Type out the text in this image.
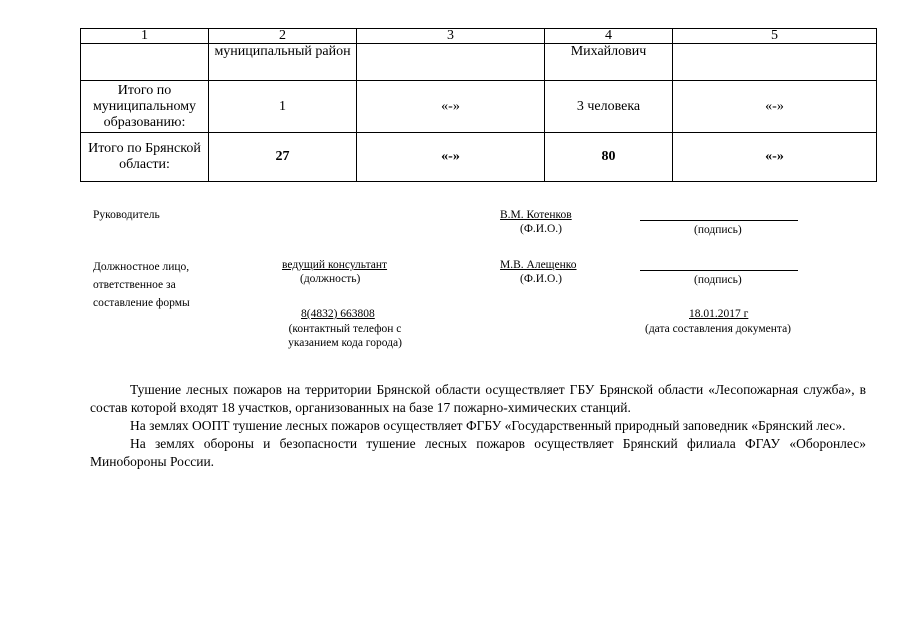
1	2	3	4	5
	муниципальный район		Михайлович	
Итого по муниципальному образованию:	1	«-»	3 человека	«-»
Итого по Брянской области:	27	«-»	80	«-»
Руководитель	В.М. Котенков
(Ф.И.О.)	(подпись)
Должностное лицо, ответственное за составление формы
ведущий консультант
(должность)
М.В. Алещенко
(Ф.И.О.)	(подпись)
8(4832) 663808
(контактный телефон с указанием кода города)
18.01.2017 г
(дата составления документа)

Тушение лесных пожаров на территории Брянской области осуществляет ГБУ Брянской области «Лесопожарная служба», в состав которой входят 18 участков, организованных на базе 17 пожарно-химических станций.

На землях ООПТ тушение лесных пожаров осуществляет ФГБУ «Государственный природный заповедник «Брянский лес».

На землях обороны и безопасности тушение лесных пожаров осуществляет Брянский филиала ФГАУ «Оборонлес» Минобороны России.
